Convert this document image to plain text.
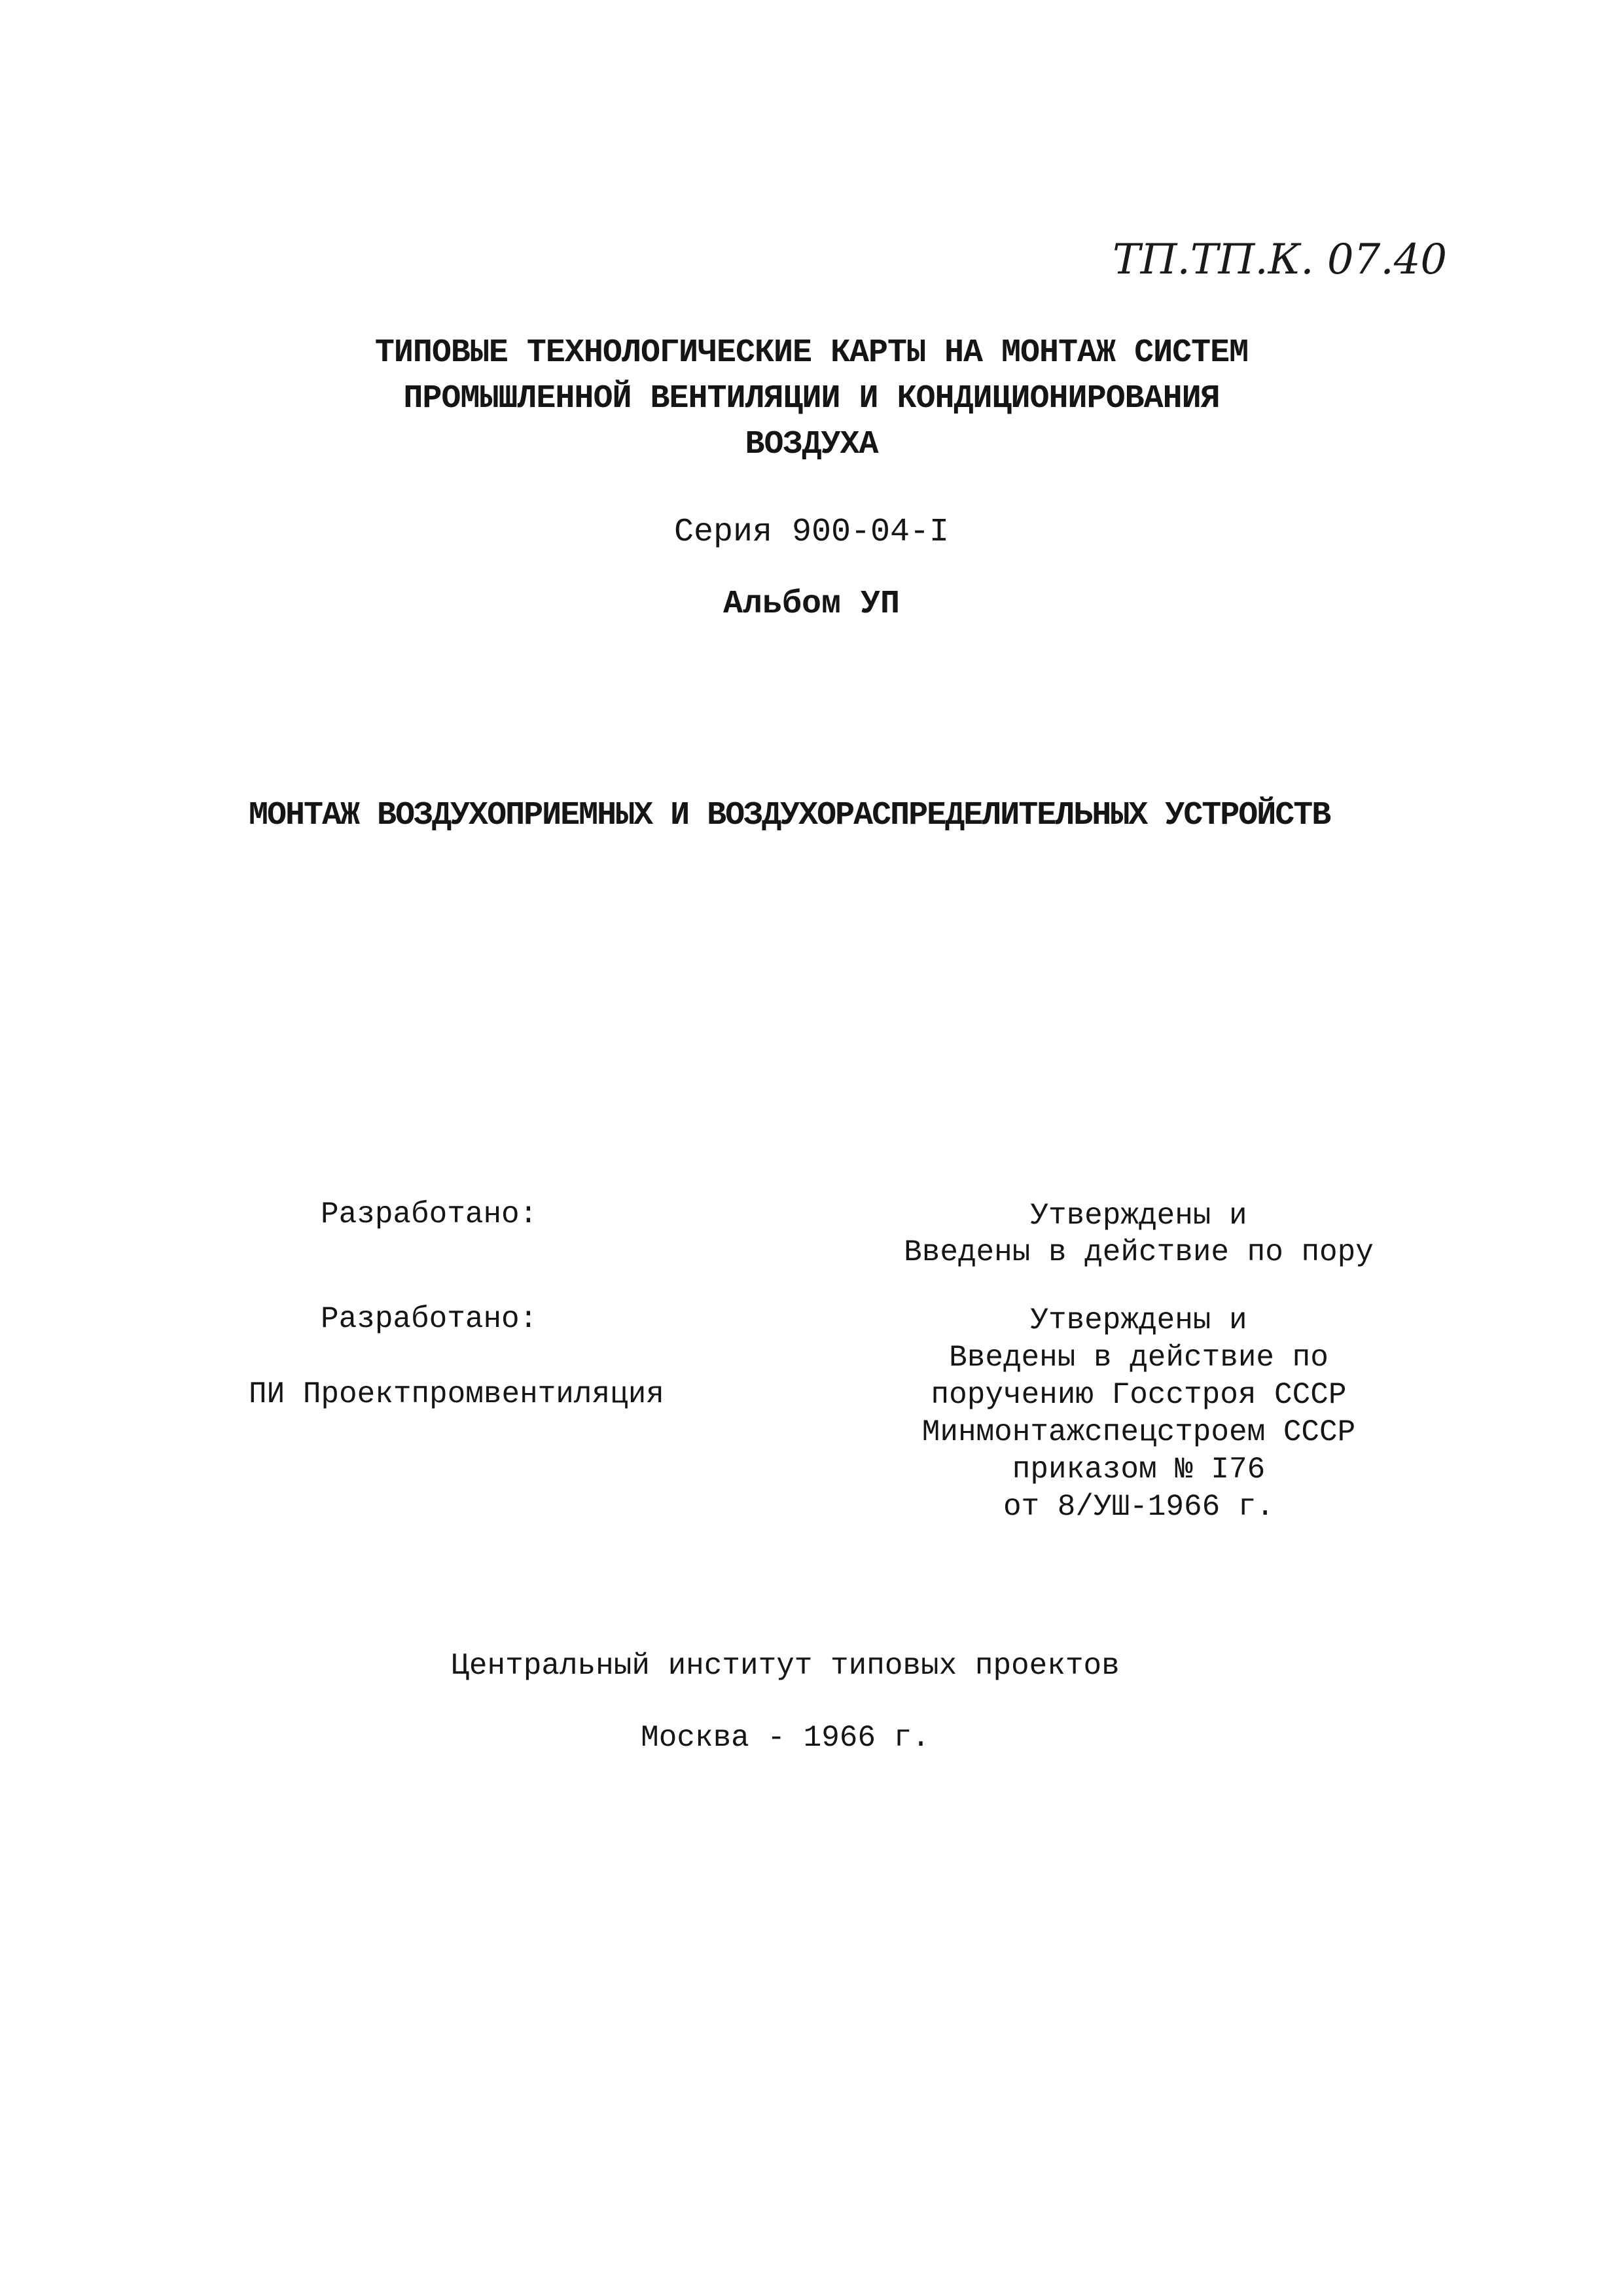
ТП.ТП.К. 07.40
ТИПОВЫЕ ТЕХНОЛОГИЧЕСКИЕ КАРТЫ НА МОНТАЖ СИСТЕМ
ПРОМЫШЛЕННОЙ ВЕНТИЛЯЦИИ И КОНДИЦИОНИРОВАНИЯ
ВОЗДУХА
Серия 900-04-I
Альбом УП
МОНТАЖ ВОЗДУХОПРИЕМНЫХ И ВОЗДУХОРАСПРЕДЕЛИТЕЛЬНЫХ УСТРОЙСТВ
Разработано:	Утверждены и
Введены в действие по пору
Разработано:
ПИ Проектпромвентиляция
Утверждены и
Введены в действие по
поручению Госстроя СССР
Минмонтажспецстроем СССР
приказом № I76
от 8/УШ-1966 г.
Центральный институт типовых проектов
Москва - 1966 г.
